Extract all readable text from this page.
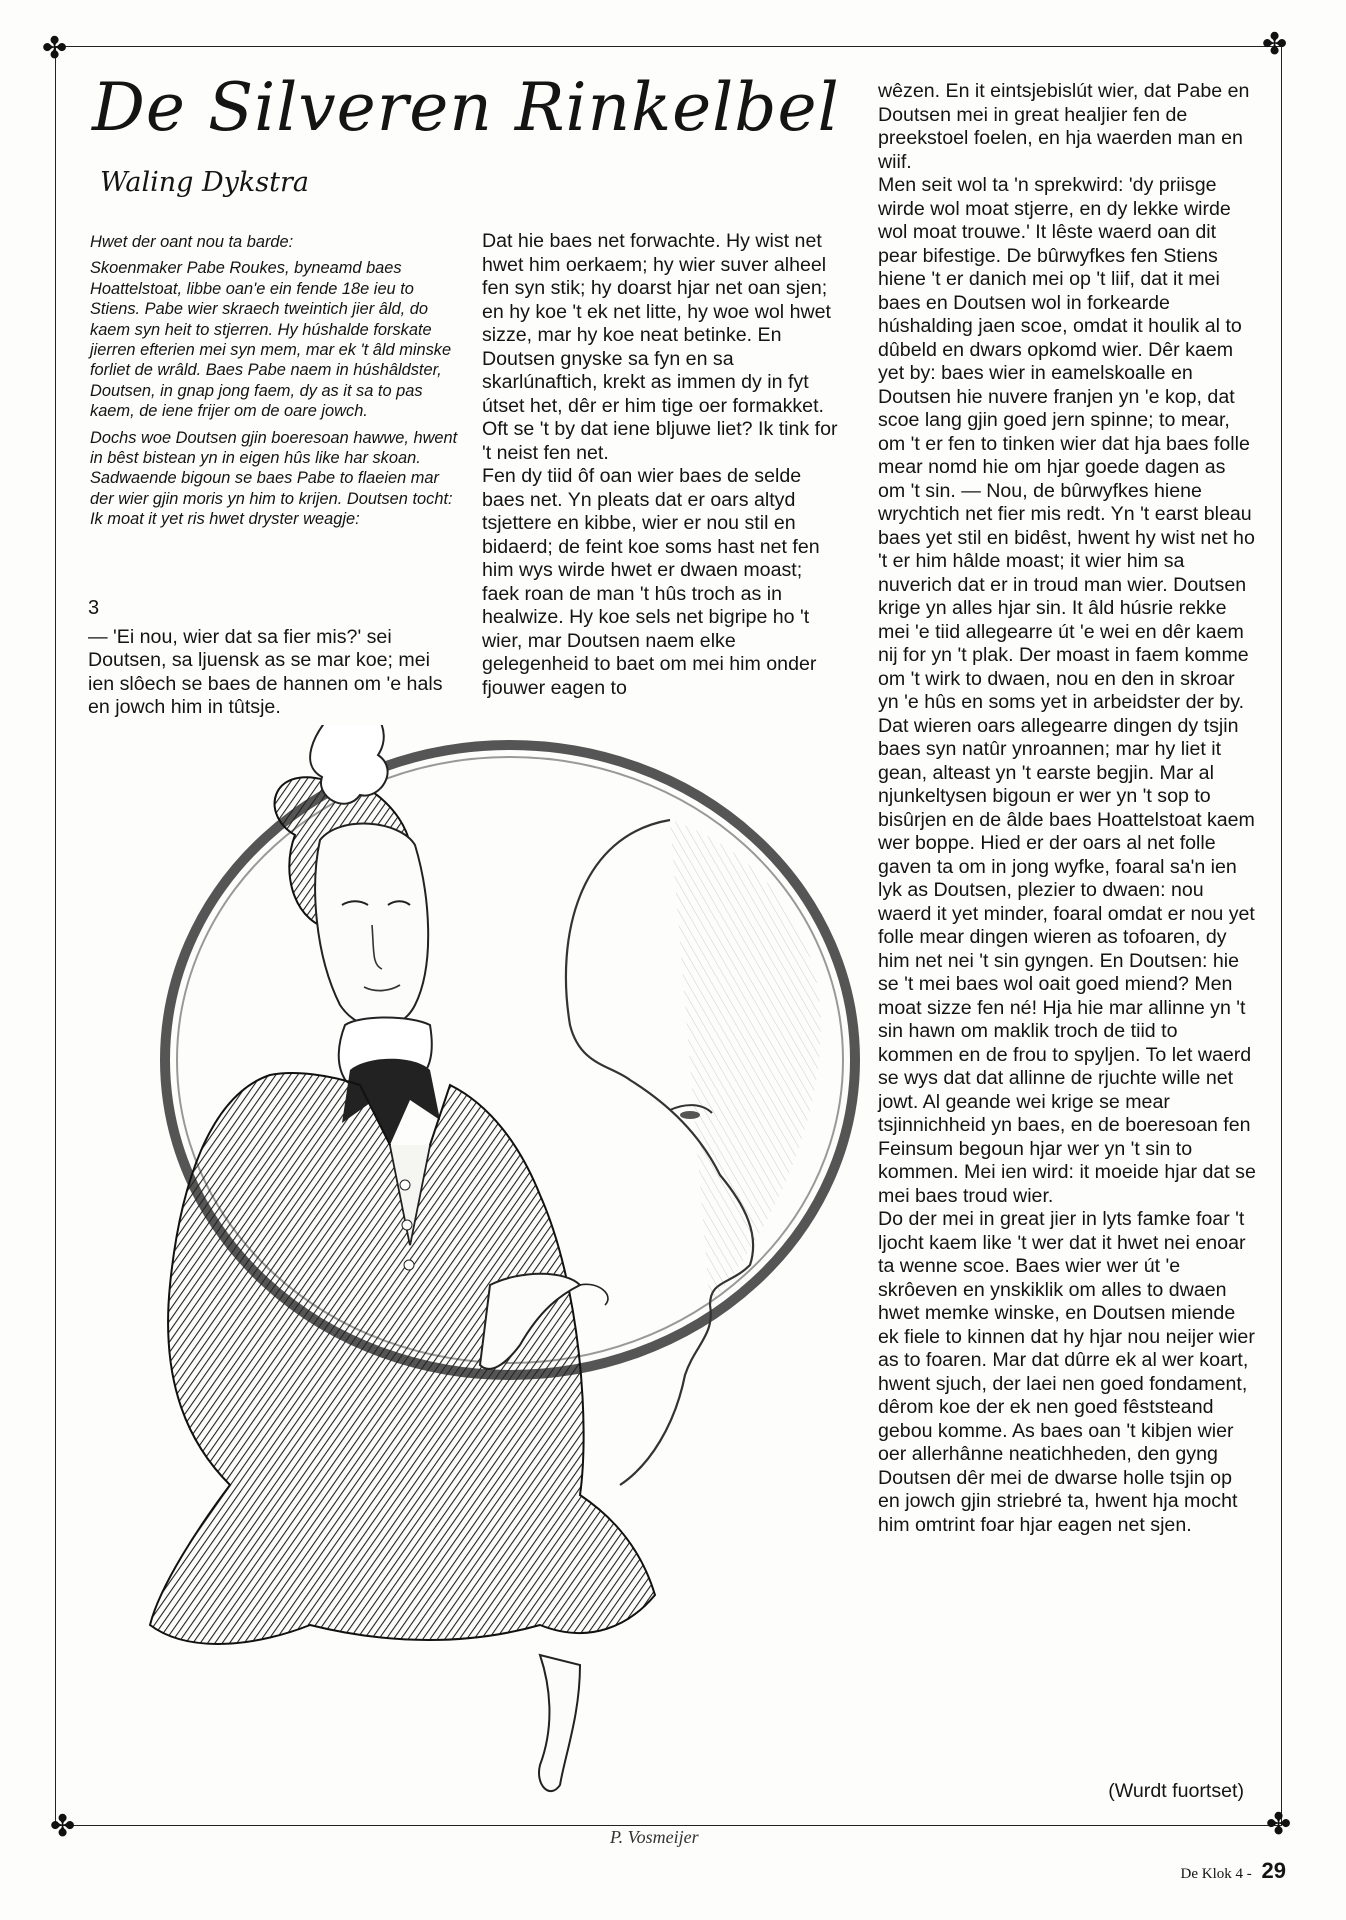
✤	✤
✤	✤
De Silveren Rinkelbel
Waling Dykstra

Hwet der oant nou ta barde:

Skoenmaker Pabe Roukes, byneamd baes Hoattelstoat, libbe oan'e ein fende 18e ieu to Stiens. Pabe wier skraech tweintich jier âld, do kaem syn heit to stjerren. Hy húshalde forskate jierren efterien mei syn mem, mar ek 't âld minske forliet de wrâld. Baes Pabe naem in húshâldster, Doutsen, in gnap jong faem, dy as it sa to pas kaem, de iene frijer om de oare jowch.

Dochs woe Doutsen gjin boeresoan hawwe, hwent in bêst bistean yn in eigen hûs like har skoan. Sadwaende bigoun se baes Pabe to flaeien mar der wier gjin moris yn him to krijen. Doutsen tocht: Ik moat it yet ris hwet dryster weagje:

3

— 'Ei nou, wier dat sa fier mis?' sei Doutsen, sa ljuensk as se mar koe; mei ien slôech se baes de hannen om 'e hals en jowch him in tûtsje.

Dat hie baes net forwachte. Hy wist net hwet him oerkaem; hy wier suver alheel fen syn stik; hy doarst hjar net oan sjen; en hy koe 't ek net litte, hy woe wol hwet sizze, mar hy koe neat betinke. En Doutsen gnyske sa fyn en sa skarlúnaftich, krekt as immen dy in fyt útset het, dêr er him tige oer formakket. Oft se 't by dat iene bljuwe liet? Ik tink for 't neist fen net.

Fen dy tiid ôf oan wier baes de selde baes net. Yn pleats dat er oars altyd tsjettere en kibbe, wier er nou stil en bidaerd; de feint koe soms hast net fen him wys wirde hwet er dwaen moast; faek roan de man 't hûs troch as in healwize. Hy koe sels net bigripe ho 't wier, mar Doutsen naem elke gelegenheid to baet om mei him onder fjouwer eagen to

wêzen. En it eintsjebislút wier, dat Pabe en Doutsen mei in great healjier fen de preekstoel foelen, en hja waerden man en wiif.

Men seit wol ta 'n sprekwird: 'dy priisge wirde wol moat stjerre, en dy lekke wirde wol moat trouwe.' It lêste waerd oan dit pear bifestige. De bûrwyfkes fen Stiens hiene 't er danich mei op 't liif, dat it mei baes en Doutsen wol in forkearde húshalding jaen scoe, omdat it houlik al to dûbeld en dwars opkomd wier. Dêr kaem yet by: baes wier in eamelskoalle en Doutsen hie nuvere franjen yn 'e kop, dat scoe lang gjin goed jern spinne; to mear, om 't er fen to tinken wier dat hja baes folle mear nomd hie om hjar goede dagen as om 't sin. — Nou, de bûrwyfkes hiene wrychtich net fier mis redt. Yn 't earst bleau baes yet stil en bidêst, hwent hy wist net ho 't er him hâlde moast; it wier him sa nuverich dat er in troud man wier. Doutsen krige yn alles hjar sin. It âld húsrie rekke mei 'e tiid allegearre út 'e wei en dêr kaem nij for yn 't plak. Der moast in faem komme om 't wirk to dwaen, nou en den in skroar yn 'e hûs en soms yet in arbeidster der by. Dat wieren oars allegearre dingen dy tsjin baes syn natûr ynroannen; mar hy liet it gean, alteast yn 't earste begjin. Mar al njunkeltysen bigoun er wer yn 't sop to bisûrjen en de âlde baes Hoattelstoat kaem wer boppe. Hied er der oars al net folle gaven ta om in jong wyfke, foaral sa'n ien lyk as Doutsen, plezier to dwaen: nou waerd it yet minder, foaral omdat er nou yet folle mear dingen wieren as tofoaren, dy him net nei 't sin gyngen. En Doutsen: hie se 't mei baes wol oait goed miend? Men moat sizze fen né! Hja hie mar allinne yn 't sin hawn om maklik troch de tiid to kommen en de frou to spyljen. To let waerd se wys dat dat allinne de rjuchte wille net jowt. Al geande wei krige se mear tsjinnichheid yn baes, en de boeresoan fen Feinsum begoun hjar wer yn 't sin to kommen. Mei ien wird: it moeide hjar dat se mei baes troud wier.

Do der mei in great jier in lyts famke foar 't ljocht kaem like 't wer dat it hwet nei enoar ta wenne scoe. Baes wier wer út 'e skrôeven en ynskiklik om alles to dwaen hwet memke winske, en Doutsen miende ek fiele to kinnen dat hy hjar nou neijer wier as to foaren. Mar dat dûrre ek al wer koart, hwent sjuch, der laei nen goed fondament, dêrom koe der ek nen goed fêststeand gebou komme. As baes oan 't kibjen wier oer allerhânne neatichheden, den gyng Doutsen dêr mei de dwarse holle tsjin op en jowch gjin striebré ta, hwent hja mocht him omtrint foar hjar eagen net sjen.

(Wurdt fuortset)
P. Vosmeijer
De Klok 4 - 29
